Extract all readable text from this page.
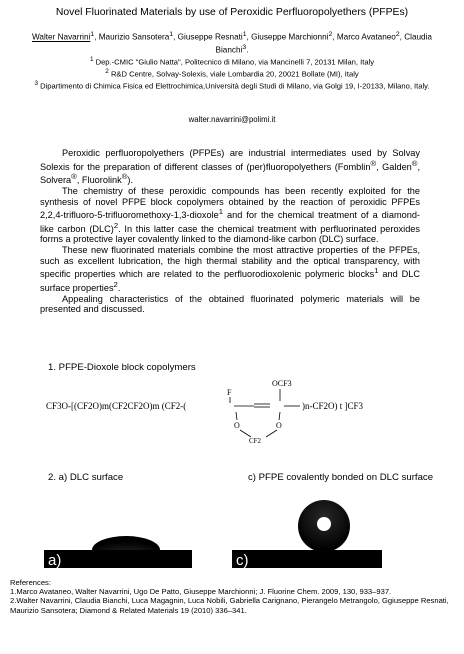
Novel Fluorinated Materials by use of Peroxidic Perfluoropolyethers (PFPEs)
Walter Navarrini$^1$, Maurizio Sansotera$^1$, Giuseppe Resnati$^1$, Giuseppe Marchionni$^2$, Marco Avataneo$^2$, Claudia Bianchi$^3$.
$^1$ Dep.-CMIC "Giulio Natta", Politecnico di Milano, via Mancinelli 7, 20131 Milan, Italy
$^2$ R&D Centre, Solvay-Solexis, viale Lombardia 20, 20021 Bollate (MI), Italy
$^3$ Dipartimento di Chimica Fisica ed Elettrochimica,Università degli Studi di Milano, via Golgi 19, I-20133, Milano, Italy.
walter.navarrini@polimi.it

Peroxidic perfluoropolyethers (PFPEs) are industrial intermediates used by Solvay Solexis for the preparation of different classes of (per)fluoropolyethers (Fomblin®, Galden®, Solvera®, Fluorolink®).

The chemistry of these peroxidic compounds has been recently exploited for the synthesis of novel PFPE block copolymers obtained by the reaction of peroxidic PFPEs 2,2,4-trifluoro-5-trifluoromethoxy-1,3-dioxole$^1$ and for the chemical treatment of a diamond-like carbon (DLC)$^2$. In this latter case the chemical treatment with perfluorinated peroxides forms a protective layer covalently linked to the diamond-like carbon (DLC) surface.

These new fluorinated materials combine the most attractive properties of the PFPEs, such as excellent lubrication, the high thermal stability and the optical transparency, with specific properties which are related to the perfluorodioxolenic polymeric blocks$^1$ and DLC surface properties$^2$.

Appealing characteristics of the obtained fluorinated polymeric materials will be presented and discussed.

1. PFPE-Dioxole block copolymers
OCF3
F
CF3O-[(CF2O)m(CF2CF2O)m (CF2-(	)n-CF2O) t ]CF3
O	O
CF2
2. a) DLC surface	c) PFPE covalently bonded on DLC surface
a)	c)
References:
1.Marco Avataneo, Walter Navarrini, Ugo De Patto, Giuseppe Marchionni; J. Fluorine Chem. 2009, 130, 933–937.
2.Walter Navarrini, Claudia Bianchi, Luca Magagnin, Luca Nobili, Gabriella Carignano, Pierangelo Metrangolo, Ggiuseppe Resnati, Maurizio Sansotera; Diamond & Related Materials 19 (2010) 336–341.
